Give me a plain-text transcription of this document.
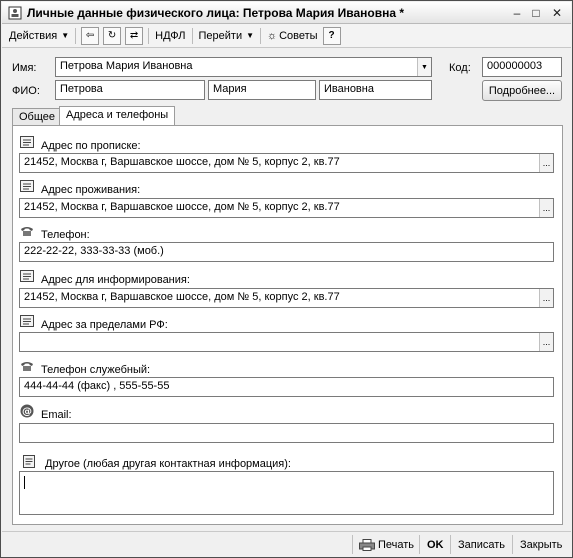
Личные данные физического лица: Петрова Мария Ивановна *	‒	□	✕
Действия ▼	⇦	↻	⇄	НДФЛ Перейти ▼ ☼ Советы	?
Имя:	Петрова Мария Ивановна	▼ Код:	000000003
ФИО:	Петрова	Мария	Ивановна	Подробнее...
Общее Адреса и телефоны
Адрес по прописке:
21452, Москва г, Варшавское шоссе, дом № 5, корпус 2, кв.77	...
Адрес проживания:
21452, Москва г, Варшавское шоссе, дом № 5, корпус 2, кв.77	...
Телефон:
222-22-22, 333-33-33 (моб.)
Адрес для информирования:
21452, Москва г, Варшавское шоссе, дом № 5, корпус 2, кв.77	...
Адрес за пределами РФ:
...
Телефон служебный:
444-44-44 (факс) , 555-55-55
@ Email:
Другое (любая другая контактная информация):
Печать OK Записать Закрыть
